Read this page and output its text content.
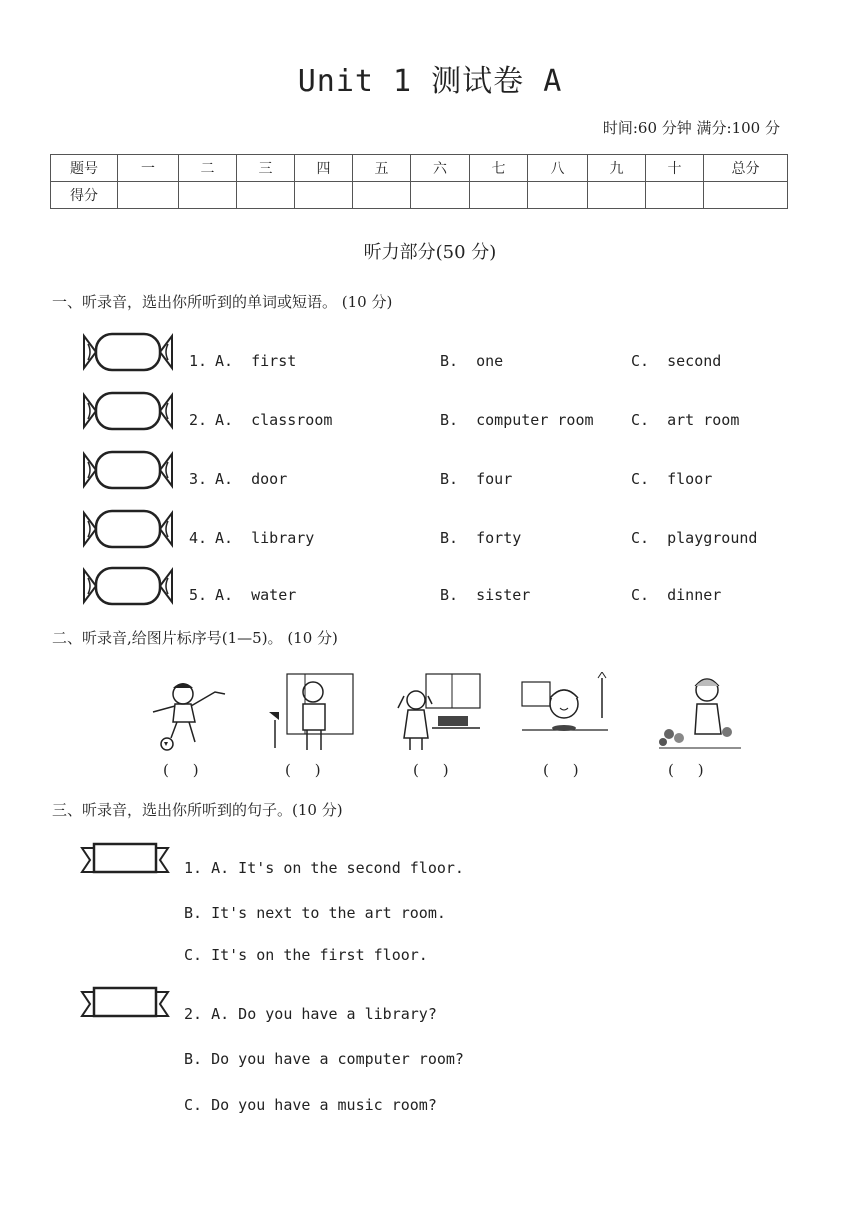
Unit 1 测试卷 A
时间:60 分钟 满分:100 分
题号	一	二	三	四	五	六	七	八	九	十	总分
得分											
听力部分(50 分)
一、听录音，选出你所听到的单词或短语。 (10 分)
1. A.  first	B.  one	C.  second
2. A.  classroom	B.  computer room C.  art room
3. A.  door	B.  four	C.  floor
4. A.  library	B.  forty	C.  playground
5. A.  water	B.  sister	C.  dinner
二、听录音,给图片标序号(1—5)。 (10 分)
(     )	(     )	(     )	(     )	(     )
三、听录音，选出你所听到的句子。(10 分)
1. A. It's on the second floor.
B. It's next to the art room.
C. It's on the first floor.
2. A. Do you have a library?
B. Do you have a computer room?
C. Do you have a music room?
